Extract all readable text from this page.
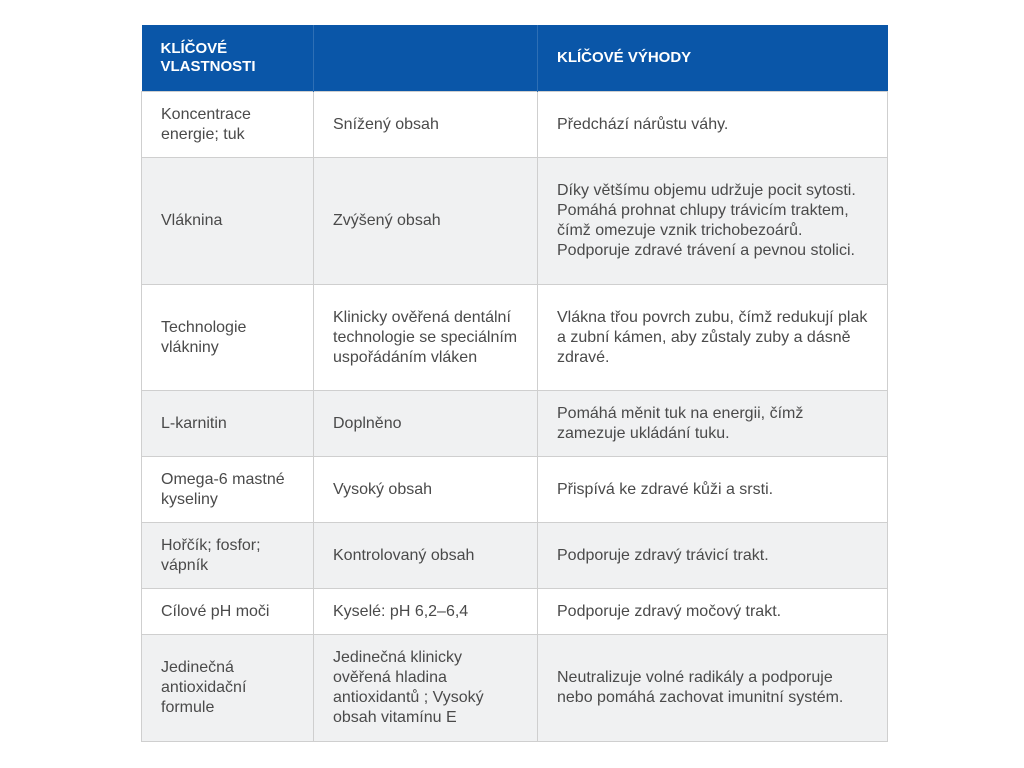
KLÍČOVÉ VLASTNOSTI		KLÍČOVÉ VÝHODY
Koncentrace energie; tuk	Snížený obsah	Předchází nárůstu váhy.
Vláknina	Zvýšený obsah	Díky většímu objemu udržuje pocit sytosti. Pomáhá prohnat chlupy trávicím traktem, čímž omezuje vznik trichobezoárů. Podporuje zdravé trávení a pevnou stolici.
Technologie vlákniny	Klinicky ověřená dentální technologie se speciálním uspořádáním vláken	Vlákna třou povrch zubu, čímž redukují plak a zubní kámen, aby zůstaly zuby a dásně zdravé.
L-karnitin	Doplněno	Pomáhá měnit tuk na energii, čímž zamezuje ukládání tuku.
Omega-6 mastné kyseliny	Vysoký obsah	Přispívá ke zdravé kůži a srsti.
Hořčík; fosfor; vápník	Kontrolovaný obsah	Podporuje zdravý trávicí trakt.
Cílové pH moči	Kyselé: pH 6,2–6,4	Podporuje zdravý močový trakt.
Jedinečná antioxidační formule	Jedinečná klinicky ověřená hladina antioxidantů ; Vysoký obsah vitamínu E	Neutralizuje volné radikály a podporuje nebo pomáhá zachovat imunitní systém.
